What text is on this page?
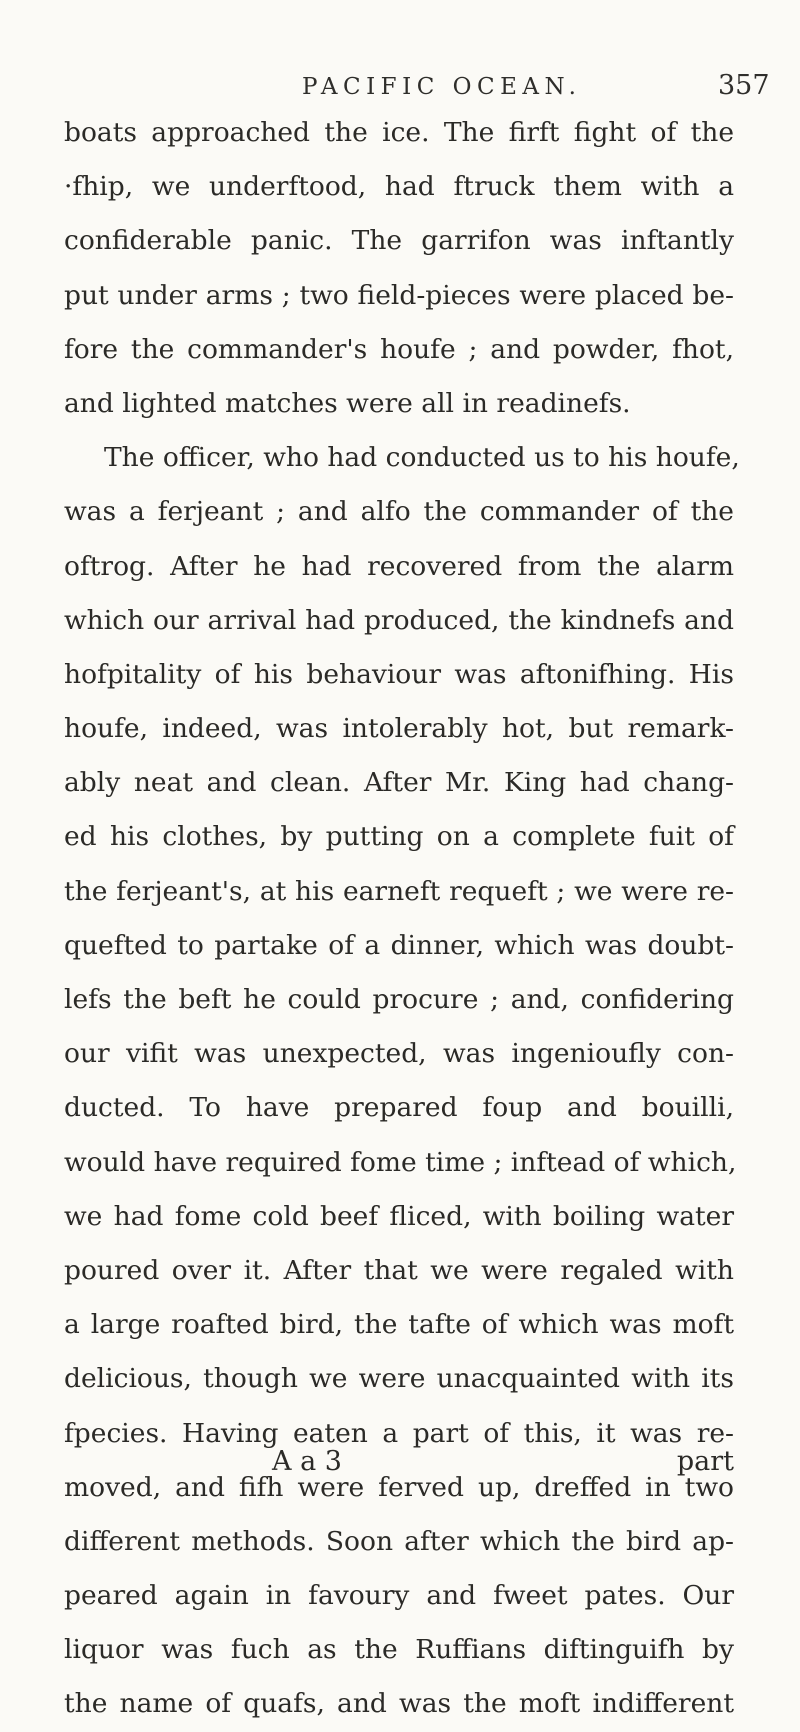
PACIFIC OCEAN.	357
boats approached the ice. The firft fight of the
·fhip, we underftood, had ftruck them with a
confiderable panic. The garrifon was inftantly
put under arms ; two field-pieces were placed be-
fore the commander's houfe ; and powder, fhot,
and lighted matches were all in readinefs.
The officer, who had conducted us to his houfe,
was a ferjeant ; and alfo the commander of the
oftrog. After he had recovered from the alarm
which our arrival had produced, the kindnefs and
hofpitality of his behaviour was aftonifhing. His
houfe, indeed, was intolerably hot, but remark-
ably neat and clean. After Mr. King had chang-
ed his clothes, by putting on a complete fuit of
the ferjeant's, at his earneft requeft ; we were re-
quefted to partake of a dinner, which was doubt-
lefs the beft he could procure ; and, confidering
our vifit was unexpected, was ingenioufly con-
ducted. To have prepared foup and bouilli,
would have required fome time ; inftead of which,
we had fome cold beef fliced, with boiling water
poured over it. After that we were regaled with
a large roafted bird, the tafte of which was moft
delicious, though we were unacquainted with its
fpecies. Having eaten a part of this, it was re-
moved, and fifh were ferved up, dreffed in two
different methods. Soon after which the bird ap-
peared again in favoury and fweet pates. Our
liquor was fuch as the Ruffians diftinguifh by
the name of quafs, and was the moft indifferent
A a 3	part
